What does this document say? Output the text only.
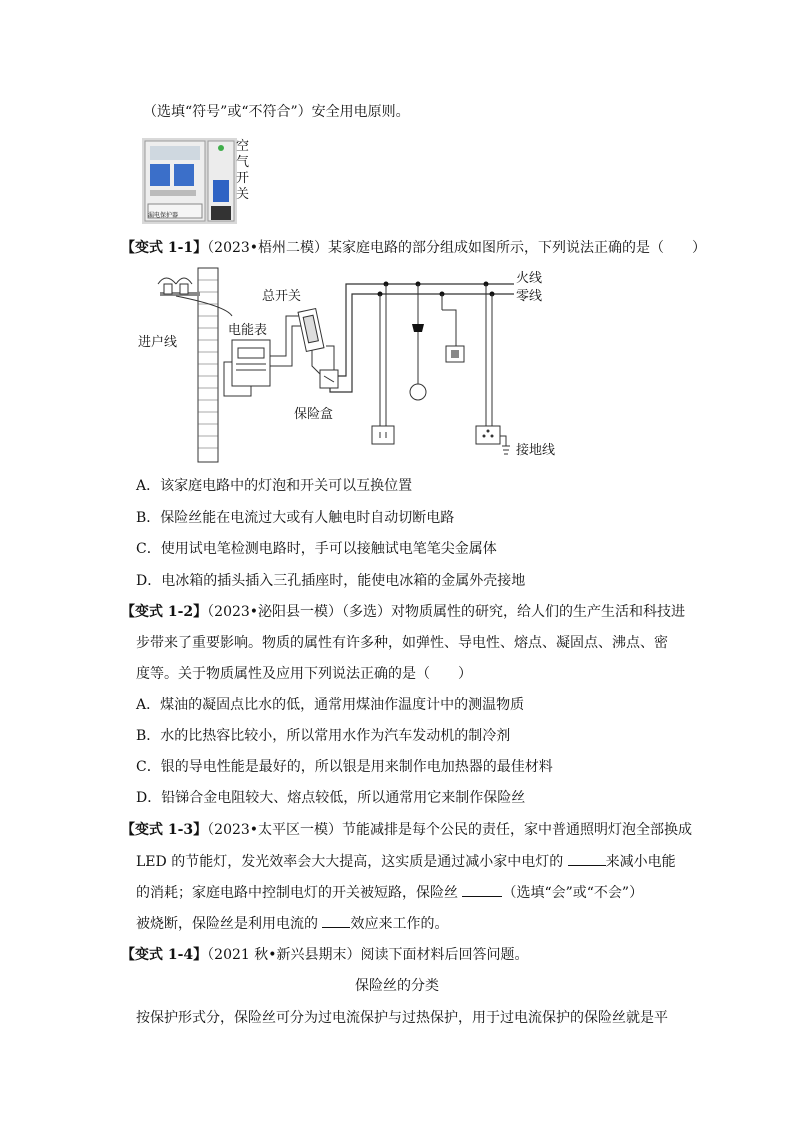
（选填“符号”或“不符合”）安全用电原则。
漏电保护器
空气开关
【变式 1-1】（2023•梧州二模）某家庭电路的部分组成如图所示，下列说法正确的是（　　）
火线
零线
总开关
电能表
进户线
保险盒
接地线
A．该家庭电路中的灯泡和开关可以互换位置
B．保险丝能在电流过大或有人触电时自动切断电路
C．使用试电笔检测电路时，手可以接触试电笔笔尖金属体
D．电冰箱的插头插入三孔插座时，能使电冰箱的金属外壳接地
【变式 1-2】（2023•泌阳县一模）（多选）对物质属性的研究，给人们的生产生活和科技进
步带来了重要影响。物质的属性有许多种，如弹性、导电性、熔点、凝固点、沸点、密
度等。关于物质属性及应用下列说法正确的是（　　）
A．煤油的凝固点比水的低，通常用煤油作温度计中的测温物质
B．水的比热容比较小，所以常用水作为汽车发动机的制冷剂
C．银的导电性能是最好的，所以银是用来制作电加热器的最佳材料
D．铅锑合金电阻较大、熔点较低，所以通常用它来制作保险丝
【变式 1-3】（2023•太平区一模）节能减排是每个公民的责任，家中普通照明灯泡全部换成
LED 的节能灯，发光效率会大大提高，这实质是通过减小家中电灯的	来减小电能
的消耗；家庭电路中控制电灯的开关被短路，保险丝	（选填“会”或“不会”）
被烧断，保险丝是利用电流的 效应来工作的。
【变式 1-4】（2021 秋•新兴县期末）阅读下面材料后回答问题。
保险丝的分类
按保护形式分，保险丝可分为过电流保护与过热保护，用于过电流保护的保险丝就是平
